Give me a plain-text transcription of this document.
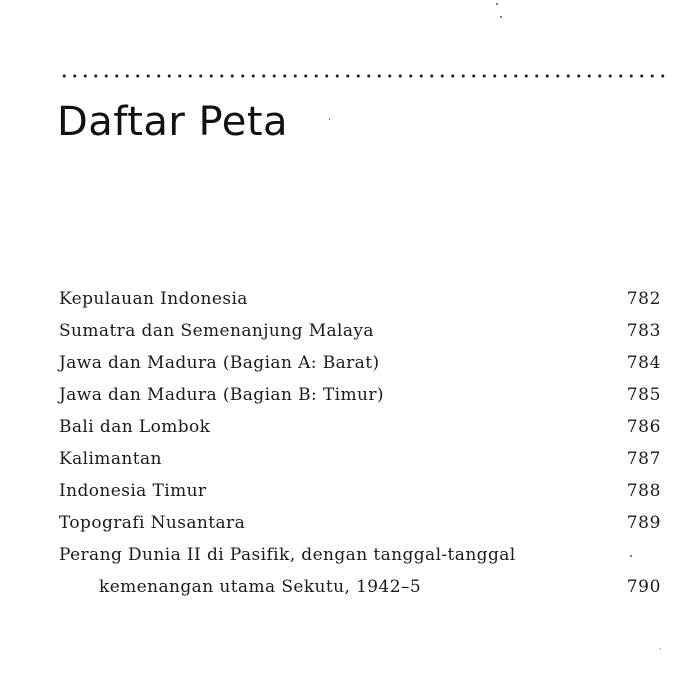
Daftar Peta
Kepulauan Indonesia	782
Sumatra dan Semenanjung Malaya	783
Jawa dan Madura (Bagian A: Barat)	784
Jawa dan Madura (Bagian B: Timur)	785
Bali dan Lombok	786
Kalimantan	787
Indonesia Timur	788
Topografi Nusantara	789
Perang Dunia II di Pasifik, dengan tanggal-tanggal
kemenangan utama Sekutu, 1942–5	790
